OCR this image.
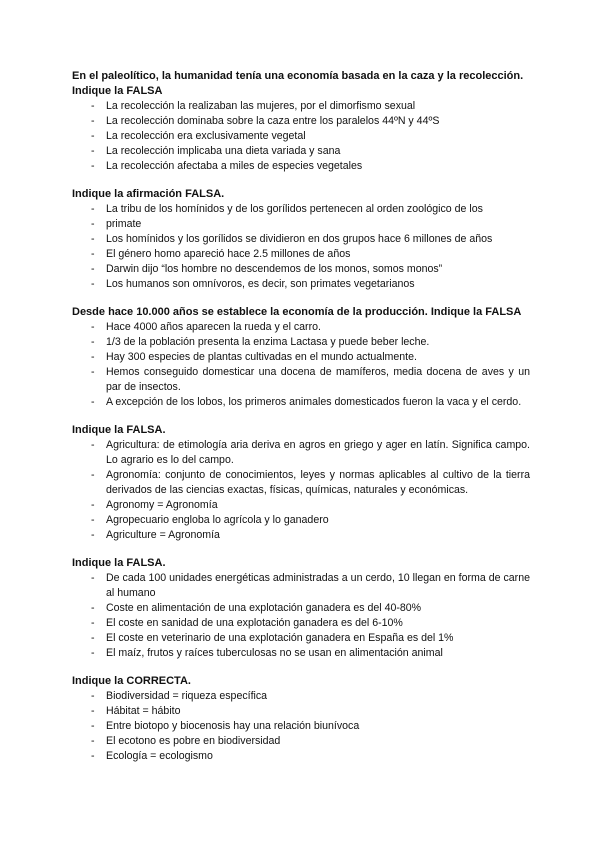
En el paleolítico, la humanidad tenía una economía basada en la caza y la recolección.
Indique la FALSA
- La recolección la realizaban las mujeres, por el dimorfismo sexual
- La recolección dominaba sobre la caza entre los paralelos 44ºN y 44ºS
- La recolección era exclusivamente vegetal
- La recolección implicaba una dieta variada y sana
- La recolección afectaba a miles de especies vegetales
Indique la afirmación FALSA.
- La tribu de los homínidos y de los gorílidos pertenecen al orden zoológico de los
- primate
- Los homínidos y los gorílidos se dividieron en dos grupos hace 6 millones de años
- El género homo apareció hace 2.5 millones de años
- Darwin dijo “los hombre no descendemos de los monos, somos monos”
- Los humanos son omnívoros, es decir, son primates vegetarianos
Desde hace 10.000 años se establece la economía de la producción. Indique la FALSA
- Hace 4000 años aparecen la rueda y el carro.
- 1/3 de la población presenta la enzima Lactasa y puede beber leche.
- Hay 300 especies de plantas cultivadas en el mundo actualmente.
- Hemos conseguido domesticar una docena de mamíferos, media docena de aves y un par de insectos.
- A excepción de los lobos, los primeros animales domesticados fueron la vaca y el cerdo.
Indique la FALSA.
- Agricultura: de etimología aria deriva en agros en griego y ager en latín. Significa campo. Lo agrario es lo del campo.
- Agronomía: conjunto de conocimientos, leyes y normas aplicables al cultivo de la tierra derivados de las ciencias exactas, físicas, químicas, naturales y económicas.
- Agronomy = Agronomía
- Agropecuario engloba lo agrícola y lo ganadero
- Agriculture = Agronomía
Indique la FALSA.
- De cada 100 unidades energéticas administradas a un cerdo, 10 llegan en forma de carne al humano
- Coste en alimentación de una explotación ganadera es del 40-80%
- El coste en sanidad de una explotación ganadera es del 6-10%
- El coste en veterinario de una explotación ganadera en España es del 1%
- El maíz, frutos y raíces tuberculosas no se usan en alimentación animal
Indique la CORRECTA.
- Biodiversidad = riqueza específica
- Hábitat = hábito
- Entre biotopo y biocenosis hay una relación biunívoca
- El ecotono es pobre en biodiversidad
- Ecología = ecologismo
